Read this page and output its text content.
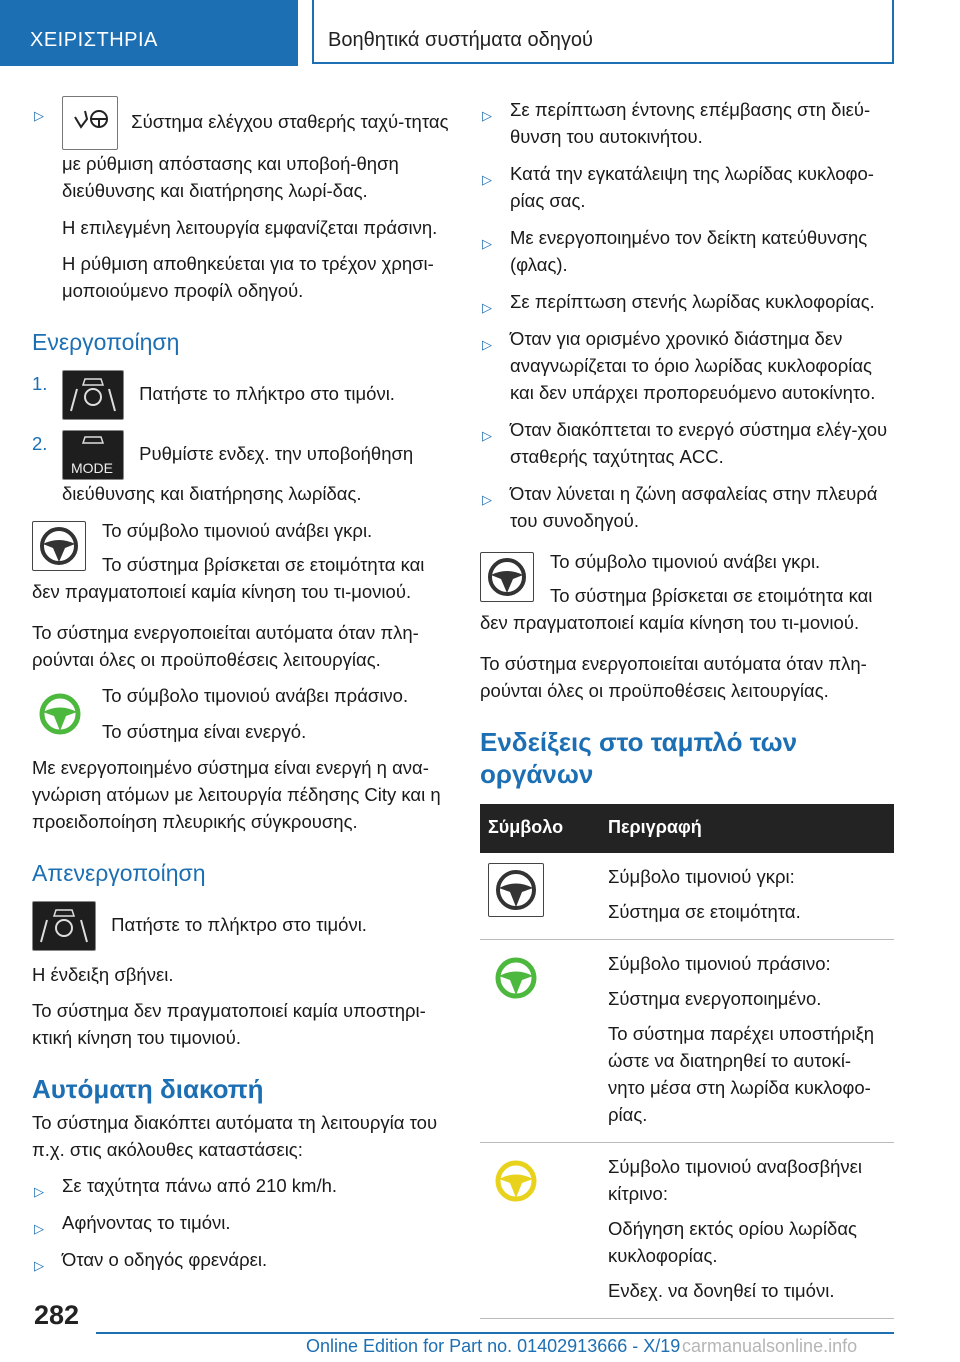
ΧΕΙΡΙΣΤΗΡΙΑ	Βοηθητικά συστήματα οδηγού
▷	Σύστημα ελέγχου σταθερής ταχύ-τητας με ρύθμιση απόστασης και υποβοή-θηση διεύθυνσης και διατήρησης λωρί-δας.

Η επιλεγμένη λειτουργία εμφανίζεται πράσινη.

Η ρύθμιση αποθηκεύεται για το τρέχον χρησι-μοποιούμενο προφίλ οδηγού.

Ενεργοποίηση
1.	Πατήστε το πλήκτρο στο τιμόνι.
2.
MODE
Ρυθμίστε ενδεχ. την υποβοήθηση διεύθυνσης και διατήρησης λωρίδας.

Το σύμβολο τιμονιού ανάβει γκρι.

Το σύστημα βρίσκεται σε ετοιμότητα και δεν πραγματοποιεί καμία κίνηση του τι-μονιού.

Το σύστημα ενεργοποιείται αυτόματα όταν πλη-ρούνται όλες οι προϋποθέσεις λειτουργίας.

Το σύμβολο τιμονιού ανάβει πράσινο.

Το σύστημα είναι ενεργό.

Με ενεργοποιημένο σύστημα είναι ενεργή η ανα-γνώριση ατόμων με λειτουργία πέδησης City και η προειδοποίηση πλευρικής σύγκρουσης.

Απενεργοποίηση
Πατήστε το πλήκτρο στο τιμόνι.

Η ένδειξη σβήνει.

Το σύστημα δεν πραγματοποιεί καμία υποστηρι-κτική κίνηση του τιμονιού.

Αυτόματη διακοπή

Το σύστημα διακόπτει αυτόματα τη λειτουργία του π.χ. στις ακόλουθες καταστάσεις:

▷ Σε ταχύτητα πάνω από 210 km/h.
▷ Αφήνοντας το τιμόνι.
▷ Όταν ο οδηγός φρενάρει.
▷ Σε περίπτωση έντονης επέμβασης στη διεύ-θυνση του αυτοκινήτου.
▷ Κατά την εγκατάλειψη της λωρίδας κυκλοφο-ρίας σας.
▷ Με ενεργοποιημένο τον δείκτη κατεύθυνσης (φλας).
▷ Σε περίπτωση στενής λωρίδας κυκλοφορίας.
▷ Όταν για ορισμένο χρονικό διάστημα δεν αναγνωρίζεται το όριο λωρίδας κυκλοφορίας και δεν υπάρχει προπορευόμενο αυτοκίνητο.
▷ Όταν διακόπτεται το ενεργό σύστημα ελέγ-χου σταθερής ταχύτητας ACC.
▷ Όταν λύνεται η ζώνη ασφαλείας στην πλευρά του συνοδηγού.

Το σύμβολο τιμονιού ανάβει γκρι.

Το σύστημα βρίσκεται σε ετοιμότητα και δεν πραγματοποιεί καμία κίνηση του τι-μονιού.

Το σύστημα ενεργοποιείται αυτόματα όταν πλη-ρούνται όλες οι προϋποθέσεις λειτουργίας.

Ενδείξεις στο ταμπλό των οργάνων
Σύμβολο	Περιγραφή

Σύμβολο τιμονιού γκρι:

Σύστημα σε ετοιμότητα.

Σύμβολο τιμονιού πράσινο:

Σύστημα ενεργοποιημένο.

Το σύστημα παρέχει υποστήριξη ώστε να διατηρηθεί το αυτοκί-νητο μέσα στη λωρίδα κυκλοφο-ρίας.

Σύμβολο τιμονιού αναβοσβήνει κίτρινο:

Οδήγηση εκτός ορίου λωρίδας κυκλοφορίας.

Ενδεχ. να δονηθεί το τιμόνι.

282
Online Edition for Part no. 01402913666 - X/19 carmanualsonline.info
